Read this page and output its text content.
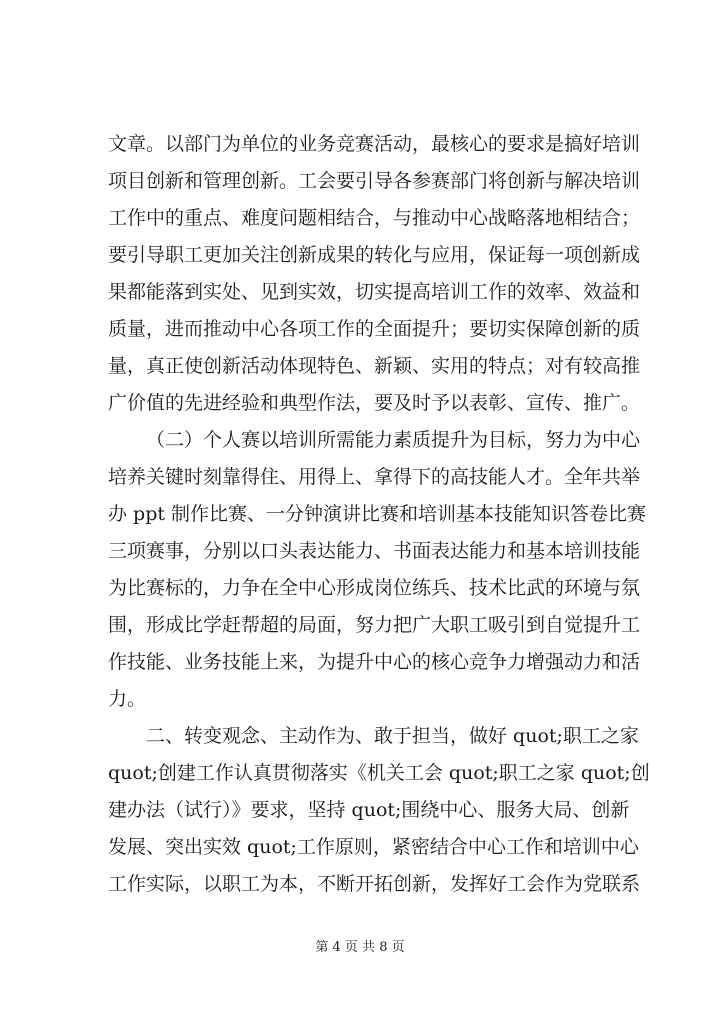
文章。以部门为单位的业务竞赛活动，最核心的要求是搞好培训
项目创新和管理创新。工会要引导各参赛部门将创新与解决培训
工作中的重点、难度问题相结合，与推动中心战略落地相结合；
要引导职工更加关注创新成果的转化与应用，保证每一项创新成
果都能落到实处、见到实效，切实提高培训工作的效率、效益和
质量，进而推动中心各项工作的全面提升；要切实保障创新的质
量，真正使创新活动体现特色、新颖、实用的特点；对有较高推
广价值的先进经验和典型作法，要及时予以表彰、宣传、推广。
（二）个人赛以培训所需能力素质提升为目标，努力为中心
培养关键时刻靠得住、用得上、拿得下的高技能人才。全年共举
办 ppt 制作比赛、一分钟演讲比赛和培训基本技能知识答卷比赛
三项赛事，分别以口头表达能力、书面表达能力和基本培训技能
为比赛标的，力争在全中心形成岗位练兵、技术比武的环境与氛
围，形成比学赶帮超的局面，努力把广大职工吸引到自觉提升工
作技能、业务技能上来，为提升中心的核心竞争力增强动力和活
力。
二、转变观念、主动作为、敢于担当，做好 quot;职工之家
quot;创建工作认真贯彻落实《机关工会 quot;职工之家 quot;创
建办法（试行）》要求，坚持 quot;围绕中心、服务大局、创新
发展、突出实效 quot;工作原则，紧密结合中心工作和培训中心
工作实际，以职工为本，不断开拓创新，发挥好工会作为党联系
第 4 页 共 8 页
